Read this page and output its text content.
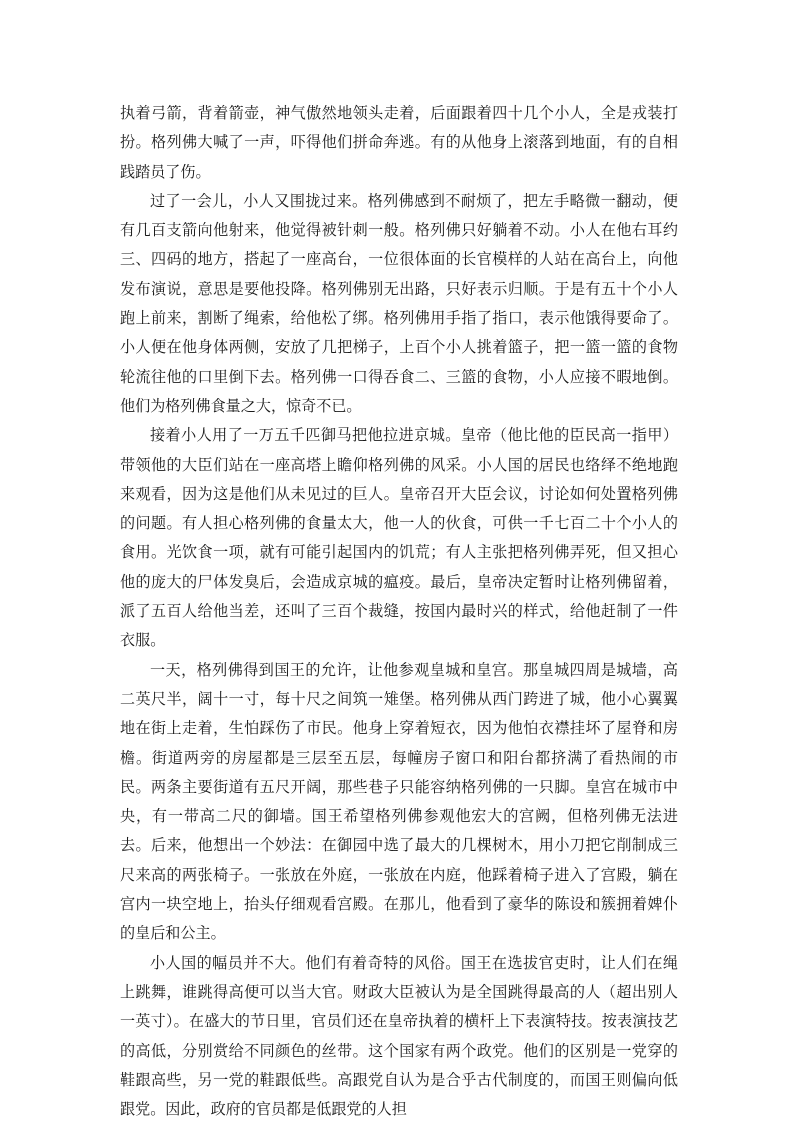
执着弓箭，背着箭壶，神气傲然地领头走着，后面跟着四十几个小人，全是戎装打扮。格列佛大喊了一声，吓得他们拼命奔逃。有的从他身上滚落到地面，有的自相践踏员了伤。

过了一会儿，小人又围拢过来。格列佛感到不耐烦了，把左手略微一翻动，便有几百支箭向他射来，他觉得被针刺一般。格列佛只好躺着不动。小人在他右耳约三、四码的地方，搭起了一座高台，一位很体面的长官模样的人站在高台上，向他发布演说，意思是要他投降。格列佛别无出路，只好表示归顺。于是有五十个小人跑上前来，割断了绳索，给他松了绑。格列佛用手指了指口，表示他饿得要命了。小人便在他身体两侧，安放了几把梯子，上百个小人挑着篮子，把一篮一篮的食物轮流往他的口里倒下去。格列佛一口得吞食二、三篮的食物，小人应接不暇地倒。他们为格列佛食量之大，惊奇不已。

接着小人用了一万五千匹御马把他拉进京城。皇帝（他比他的臣民高一指甲）带领他的大臣们站在一座高塔上瞻仰格列佛的风采。小人国的居民也络绎不绝地跑来观看，因为这是他们从未见过的巨人。皇帝召开大臣会议，讨论如何处置格列佛的问题。有人担心格列佛的食量太大，他一人的伙食，可供一千七百二十个小人的食用。光饮食一项，就有可能引起国内的饥荒；有人主张把格列佛弄死，但又担心他的庞大的尸体发臭后，会造成京城的瘟疫。最后，皇帝决定暂时让格列佛留着，派了五百人给他当差，还叫了三百个裁缝，按国内最时兴的样式，给他赶制了一件衣服。

一天，格列佛得到国王的允许，让他参观皇城和皇宫。那皇城四周是城墙，高二英尺半，阔十一寸，每十尺之间筑一雉堡。格列佛从西门跨进了城，他小心翼翼地在街上走着，生怕踩伤了市民。他身上穿着短衣，因为他怕衣襟挂坏了屋脊和房檐。街道两旁的房屋都是三层至五层，每幢房子窗口和阳台都挤满了看热闹的市民。两条主要街道有五尺开阔，那些巷子只能容纳格列佛的一只脚。皇宫在城市中央，有一带高二尺的御墙。国王希望格列佛参观他宏大的宫阙，但格列佛无法进去。后来，他想出一个妙法：在御园中选了最大的几棵树木，用小刀把它削制成三尺来高的两张椅子。一张放在外庭，一张放在内庭，他踩着椅子进入了宫殿，躺在宫内一块空地上，抬头仔细观看宫殿。在那儿，他看到了豪华的陈设和簇拥着婢仆的皇后和公主。

小人国的幅员并不大。他们有着奇特的风俗。国王在选拔官吏时，让人们在绳上跳舞，谁跳得高便可以当大官。财政大臣被认为是全国跳得最高的人（超出别人一英寸）。在盛大的节日里，官员们还在皇帝执着的横杆上下表演特技。按表演技艺的高低，分别赏给不同颜色的丝带。这个国家有两个政党。他们的区别是一党穿的鞋跟高些，另一党的鞋跟低些。高跟党自认为是合乎古代制度的，而国王则偏向低跟党。因此，政府的官员都是低跟党的人担
